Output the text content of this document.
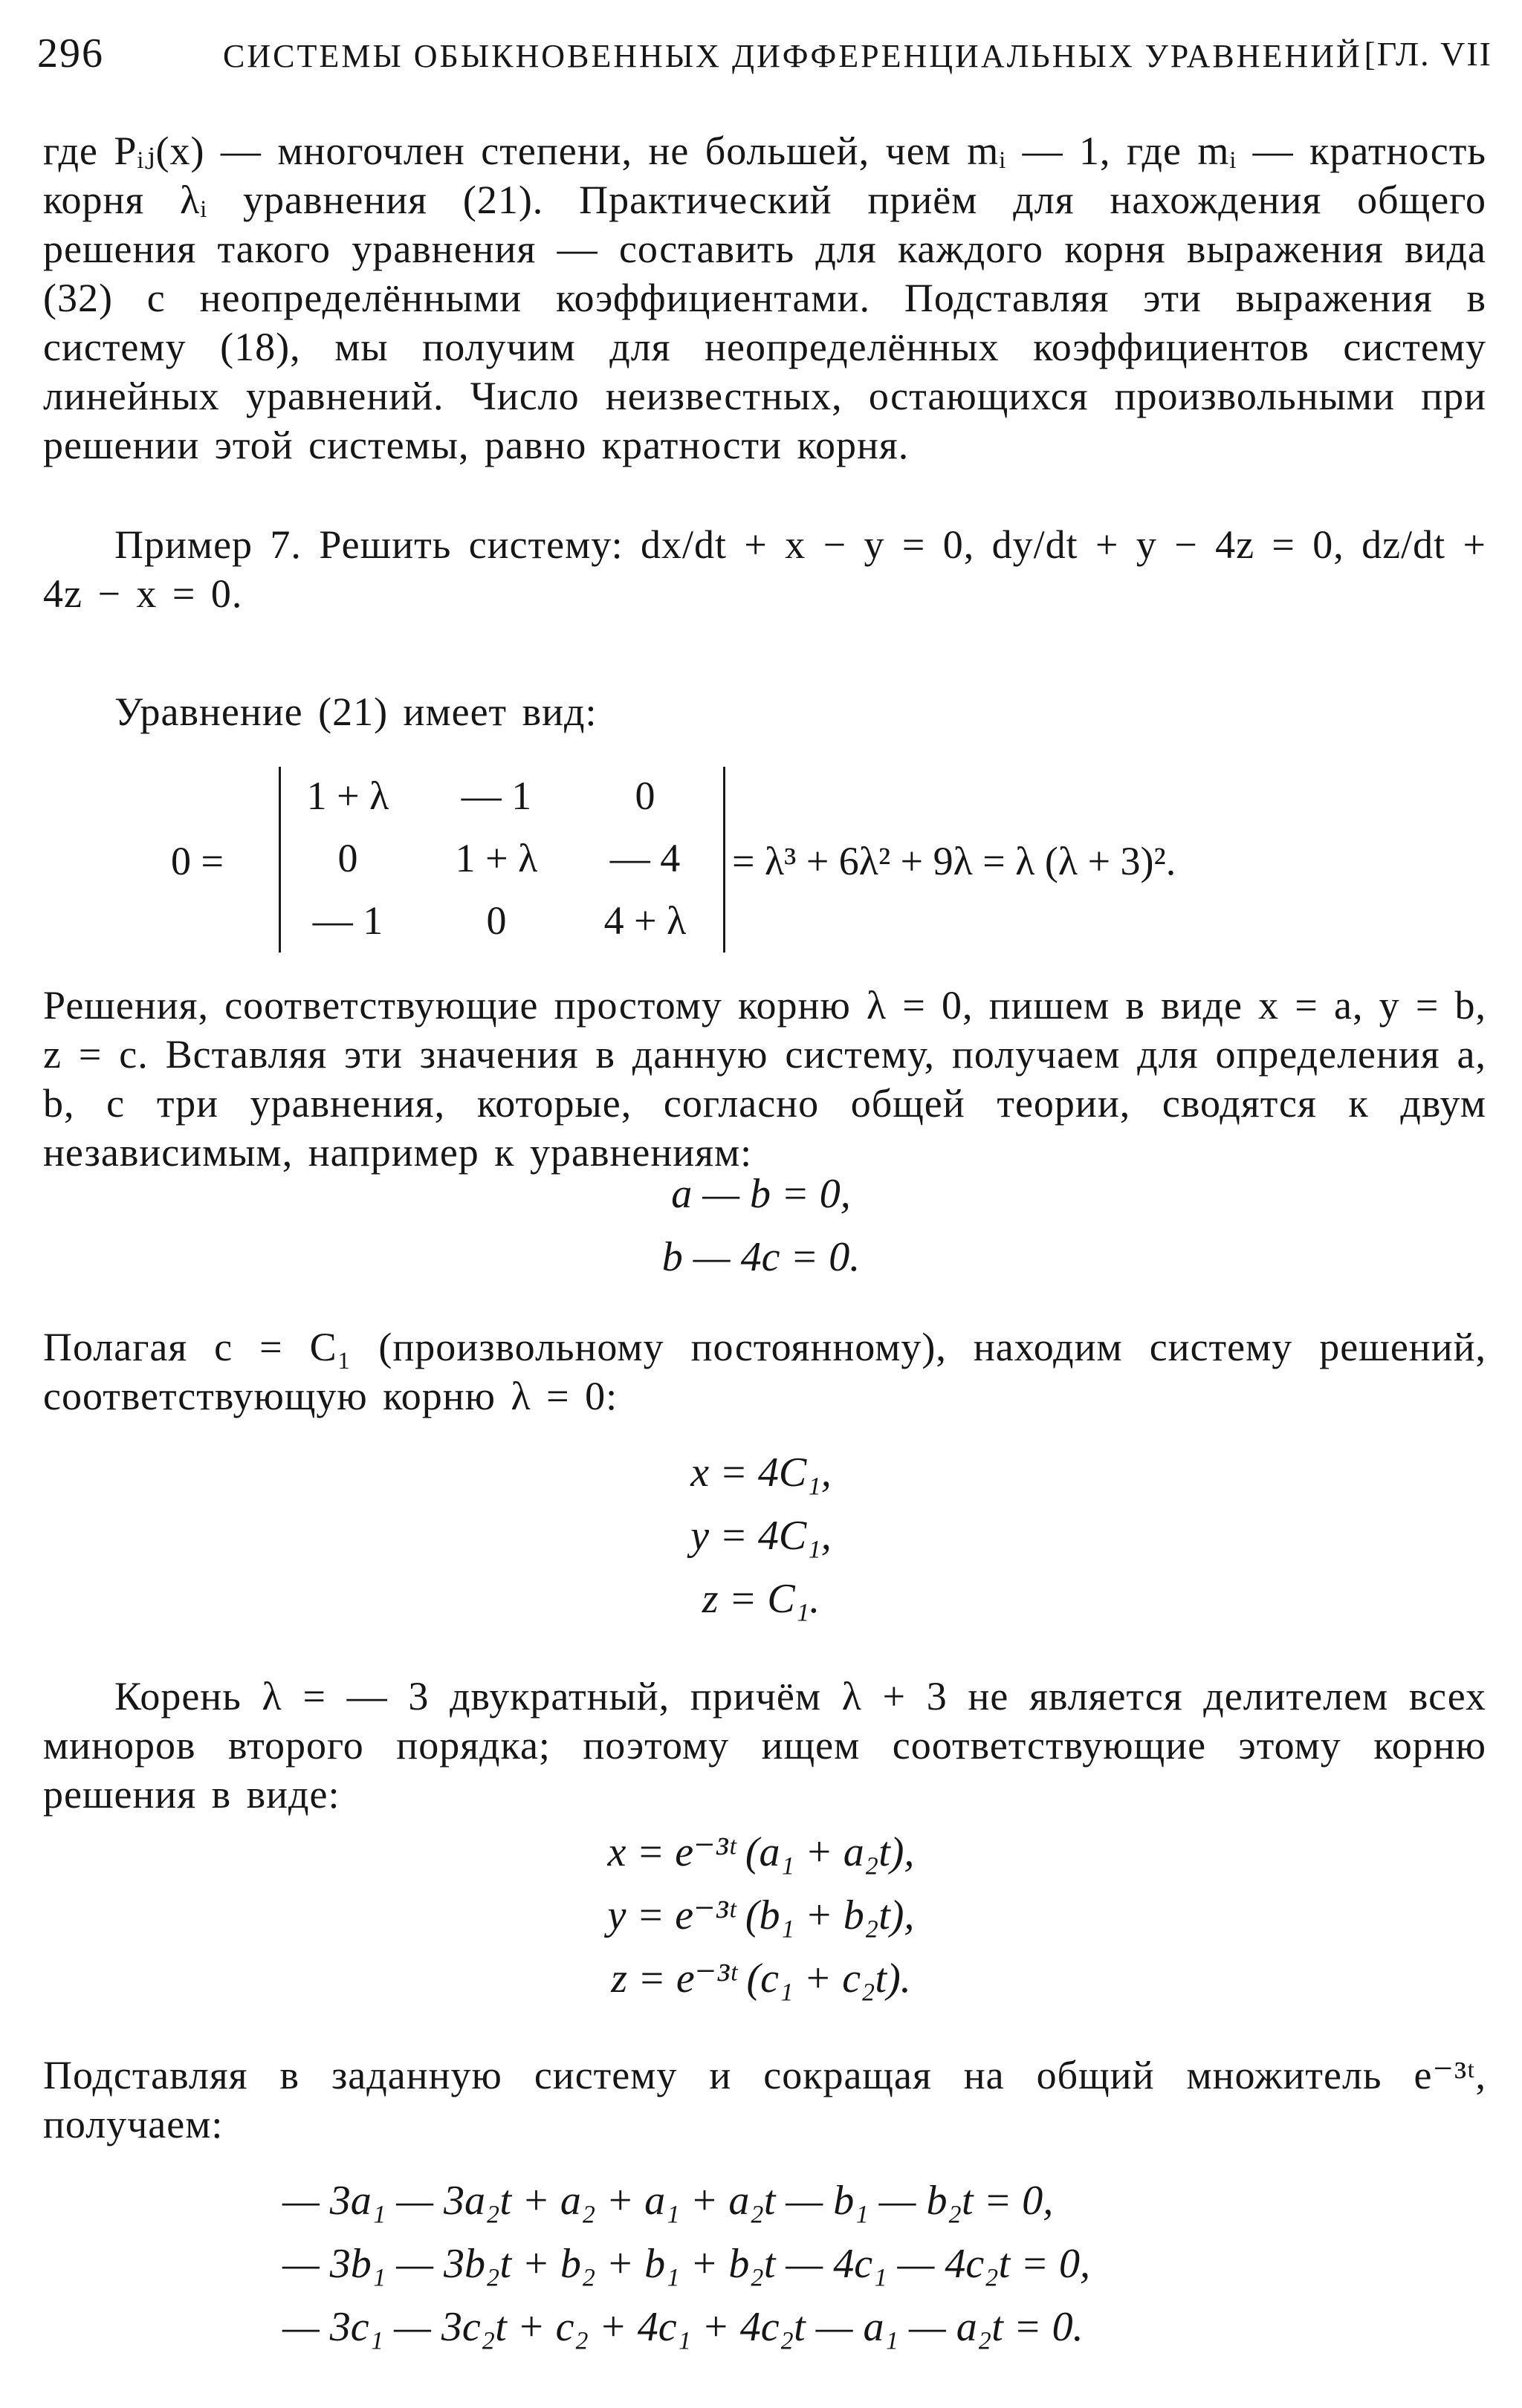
296	СИСТЕМЫ ОБЫКНОВЕННЫХ ДИФФЕРЕНЦИАЛЬНЫХ УРАВНЕНИЙ [ГЛ. VII
где Pᵢⱼ(x) — многочлен степени, не большей, чем mᵢ — 1, где mᵢ — кратность корня λᵢ уравнения (21). Практический приём для нахождения общего решения такого уравнения — составить для каждого корня выражения вида (32) с неопределёнными коэффициентами. Подставляя эти выражения в систему (18), мы получим для неопределённых коэффициентов систему линейных уравнений. Число неизвестных, остающихся произвольными при решении этой системы, равно кратности корня.
Пример 7. Решить систему: dx/dt + x − y = 0, dy/dt + y − 4z = 0, dz/dt + 4z − x = 0.
Уравнение (21) имеет вид:
0 =
1 + λ	— 1	0
0	1 + λ	— 4
— 1	0	4 + λ
= λ³ + 6λ² + 9λ = λ (λ + 3)².
Решения, соответствующие простому корню λ = 0, пишем в виде x = a, y = b, z = c. Вставляя эти значения в данную систему, получаем для определения a, b, c три уравнения, которые, согласно общей теории, сводятся к двум независимым, например к уравнениям:
a — b = 0,
b — 4c = 0.
Полагая c = C₁ (произвольному постоянному), находим систему решений, соответствующую корню λ = 0:
x = 4C₁,
y = 4C₁,
z = C₁.
Корень λ = — 3 двукратный, причём λ + 3 не является делителем всех миноров второго порядка; поэтому ищем соответствующие этому корню решения в виде:
x = e⁻³ᵗ (a₁ + a₂t),
y = e⁻³ᵗ (b₁ + b₂t),
z = e⁻³ᵗ (c₁ + c₂t).
Подставляя в заданную систему и сокращая на общий множитель e⁻³ᵗ, получаем:
— 3a₁ — 3a₂t + a₂ + a₁ + a₂t — b₁ — b₂t = 0,
— 3b₁ — 3b₂t + b₂ + b₁ + b₂t — 4c₁ — 4c₂t = 0,
— 3c₁ — 3c₂t + c₂ + 4c₁ + 4c₂t — a₁ — a₂t = 0.
